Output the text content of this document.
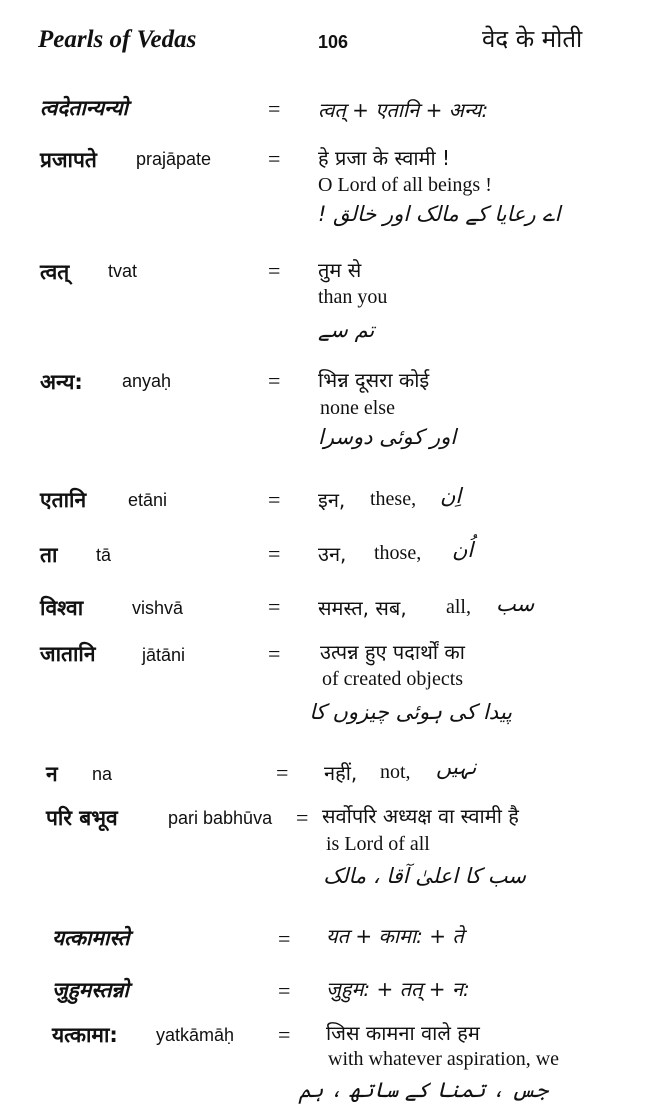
Pearls of Vedas	106	वेद के मोती
त्वदेतान्यन्यो	= त्वत् + एतानि + अन्य:
प्रजापते prajāpate	= हे प्रजा के स्वामी !
O Lord of all beings !
اے رعایا کے مالک اور خالق !
त्वत् tvat	= तुम से
than you
تم سے
अन्य: anyaḥ	= भिन्न दूसरा कोई
none else
اور کوئی دوسرا
एतानि etāni	= इन, these, اِن
ता tā	= उन, those, اُن
विश्वा	vishvā	= समस्त, सब, all, سب
जातानि	jātāni	= उत्पन्न हुए पदार्थों का
of created objects
پیدا کی ہوئی چیزوں کا
न na	= नहीं, not, نہیں
परि बभूव	pari babhūva = सर्वोपरि अध्यक्ष वा स्वामी है
is Lord of all
سب کا اعلیٰ آقا ، مالک
यत्कामास्ते	= यत + कामा: + ते
जुहुमस्तन्नो	= जुहुम: + तत् + न:
यत्कामा: yatkāmāḥ = जिस कामना वाले हम
with whatever aspiration, we
جس ، تمنا کے ساتھ ، ہم
